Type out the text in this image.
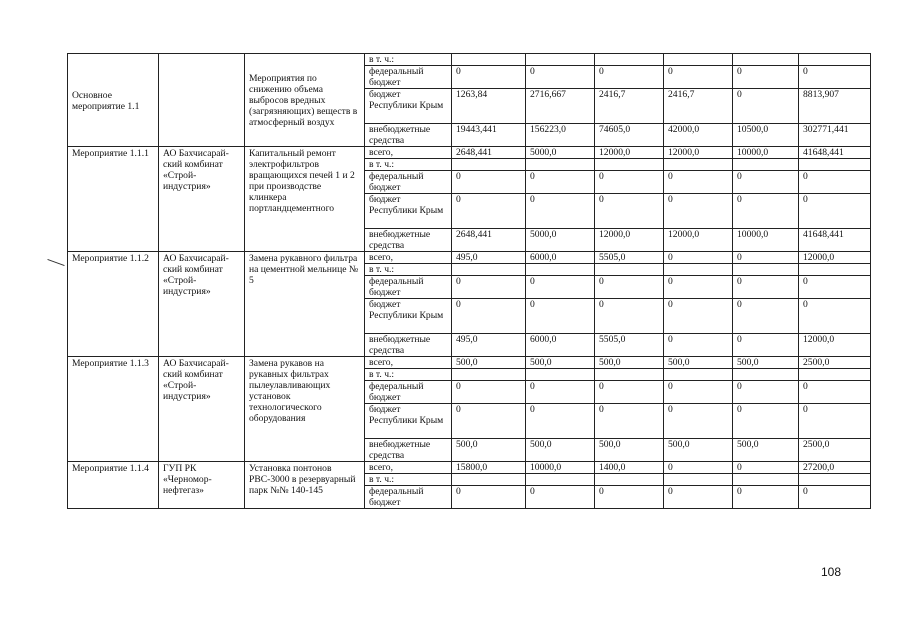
Основное мероприятие 1.1		Мероприятия по снижению объема выбросов вредных (загрязняющих) веществ в атмосферный воздух	в т. ч.:						
			федеральный бюджет	0	0	0	0	0	0
			бюджет Республики Крым	1263,84	2716,667	2416,7	2416,7	0	8813,907
			внебюджетные средства	19443,441	156223,0	74605,0	42000,0	10500,0	302771,441
Мероприятие 1.1.1	АО Бахчисарай-ский комбинат «Строй-индустрия»	Капитальный ремонт электрофильтров вращающихся печей 1 и 2 при производстве клинкера портландцементного	всего,	2648,441	5000,0	12000,0	12000,0	10000,0	41648,441
			в т. ч.:						
			федеральный бюджет	0	0	0	0	0	0
			бюджет Республики Крым	0	0	0	0	0	0
			внебюджетные средства	2648,441	5000,0	12000,0	12000,0	10000,0	41648,441
Мероприятие 1.1.2	АО Бахчисарай-ский комбинат «Строй-индустрия»	Замена рукавного фильтра на цементной мельнице № 5	всего,	495,0	6000,0	5505,0	0	0	12000,0
			в т. ч.:						
			федеральный бюджет	0	0	0	0	0	0
			бюджет Республики Крым	0	0	0	0	0	0
			внебюджетные средства	495,0	6000,0	5505,0	0	0	12000,0
Мероприятие 1.1.3	АО Бахчисарай-ский комбинат «Строй-индустрия»	Замена рукавов на рукавных фильтрах пылеулавливающих установок технологического оборудования	всего,	500,0	500,0	500,0	500,0	500,0	2500,0
			в т. ч.:						
			федеральный бюджет	0	0	0	0	0	0
			бюджет Республики Крым	0	0	0	0	0	0
			внебюджетные средства	500,0	500,0	500,0	500,0	500,0	2500,0
Мероприятие 1.1.4	ГУП РК «Черномор-нефтегаз»	Установка понтонов РВС-3000 в резервуарный парк №№ 140-145	всего,	15800,0	10000,0	1400,0	0	0	27200,0
			в т. ч.:						
			федеральный бюджет	0	0	0	0	0	0
108
